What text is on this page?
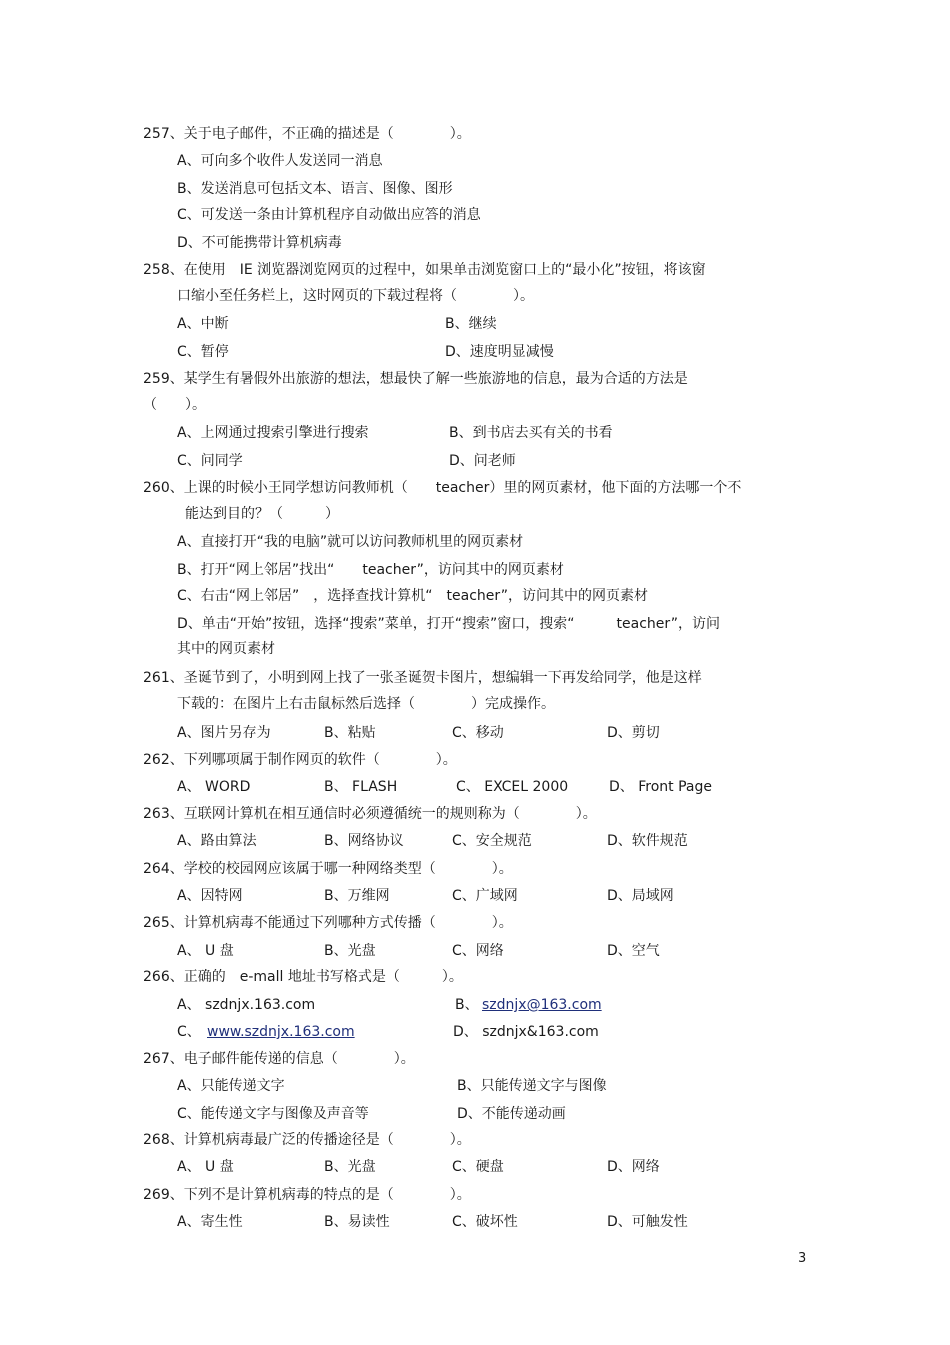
257、关于电子邮件，不正确的描述是（　　　　）。
A、可向多个收件人发送同一消息
B、发送消息可包括文本、语言、图像、图形
C、可发送一条由计算机程序自动做出应答的消息
D、不可能携带计算机病毒
258、在使用　IE 浏览器浏览网页的过程中，如果单击浏览窗口上的“最小化”按钮，将该窗
口缩小至任务栏上，这时网页的下载过程将（　　　　）。
A、中断	B、继续
C、暂停	D、速度明显减慢
259、某学生有暑假外出旅游的想法，想最快了解一些旅游地的信息，最为合适的方法是
（　　）。
A、上网通过搜索引擎进行搜索	B、到书店去买有关的书看
C、问同学	D、问老师
260、上课的时候小王同学想访问教师机（　　teacher）里的网页素材，他下面的方法哪一个不
能达到目的？（　　　）
A、直接打开“我的电脑”就可以访问教师机里的网页素材
B、打开“网上邻居”找出“　　teacher”，访问其中的网页素材
C、右击“网上邻居”　，选择查找计算机“　teacher”，访问其中的网页素材
D、单击“开始”按钮，选择“搜索”菜单，打开“搜索”窗口，搜索“　　　teacher”，访问
其中的网页素材
261、圣诞节到了，小明到网上找了一张圣诞贺卡图片，想编辑一下再发给同学，他是这样
下载的：在图片上右击鼠标然后选择（　　　　）完成操作。
A、图片另存为	B、粘贴	C、移动	D、剪切
262、下列哪项属于制作网页的软件（　　　　）。
A、 WORD	B、 FLASH	C、 EXCEL 2000	D、 Front Page
263、互联网计算机在相互通信时必须遵循统一的规则称为（　　　　）。
A、路由算法	B、网络协议	C、安全规范	D、软件规范
264、学校的校园网应该属于哪一种网络类型（　　　　）。
A、因特网	B、万维网	C、广域网	D、局域网
265、计算机病毒不能通过下列哪种方式传播（　　　　）。
A、 U 盘	B、光盘	C、网络	D、空气
266、正确的　e-mall 地址书写格式是（　　　）。
A、 szdnjx.163.com	B、 szdnjx@163.com
C、 www.szdnjx.163.com	D、 szdnjx&163.com
267、电子邮件能传递的信息（　　　　）。
A、只能传递文字	B、只能传递文字与图像
C、能传递文字与图像及声音等	D、不能传递动画
268、计算机病毒最广泛的传播途径是（　　　　）。
A、 U 盘	B、光盘	C、硬盘	D、网络
269、下列不是计算机病毒的特点的是（　　　　）。
A、寄生性	B、易读性	C、破坏性	D、可触发性
3
